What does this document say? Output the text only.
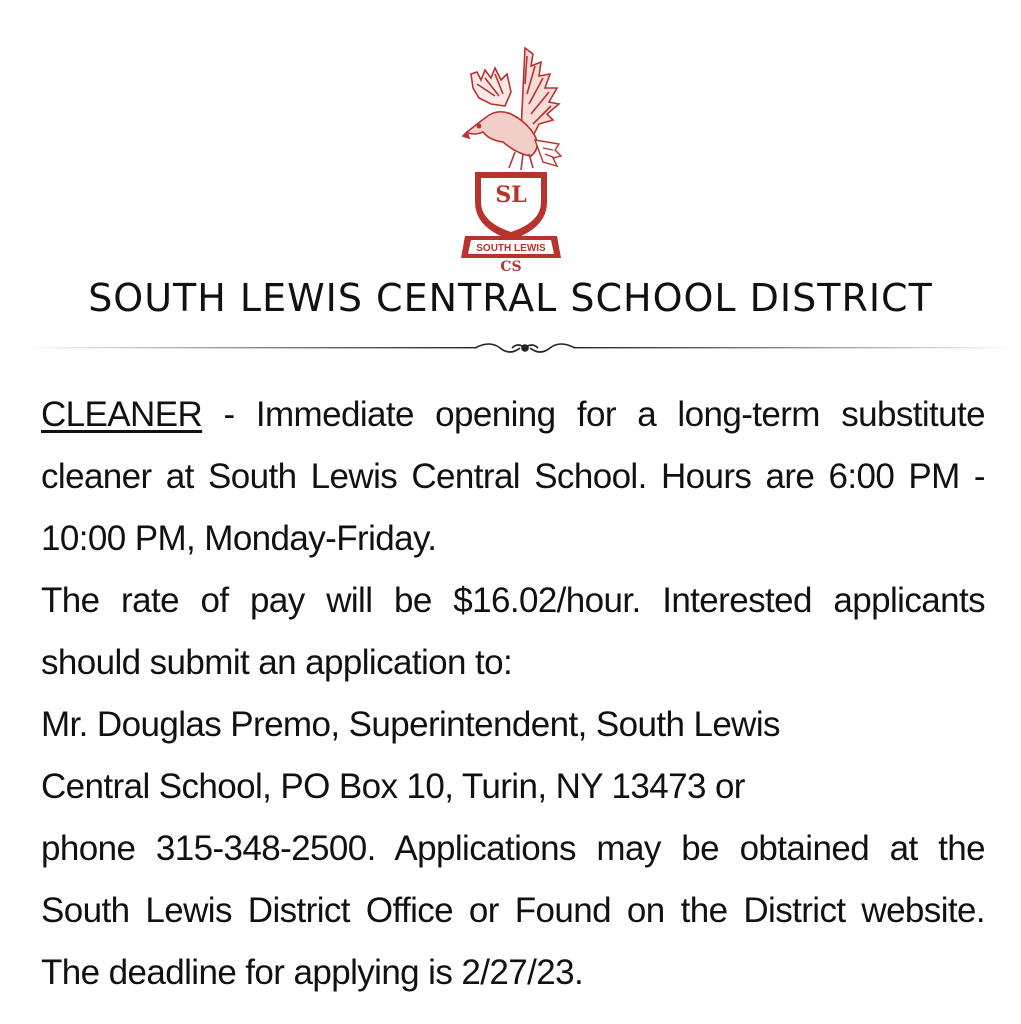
SL
SOUTH LEWIS
CS
SOUTH LEWIS CENTRAL SCHOOL DISTRICT

CLEANER - Immediate opening for a long-term substitute cleaner at South Lewis Central School. Hours are 6:00 PM - 10:00 PM, Monday-Friday.

The rate of pay will be $16.02/hour. Interested applicants should submit an application to:

Mr. Douglas Premo, Superintendent, South Lewis

Central School, PO Box 10, Turin, NY 13473 or

phone 315-348-2500. Applications may be obtained at the South Lewis District Office or Found on the District website. The deadline for applying is 2/27/23.
